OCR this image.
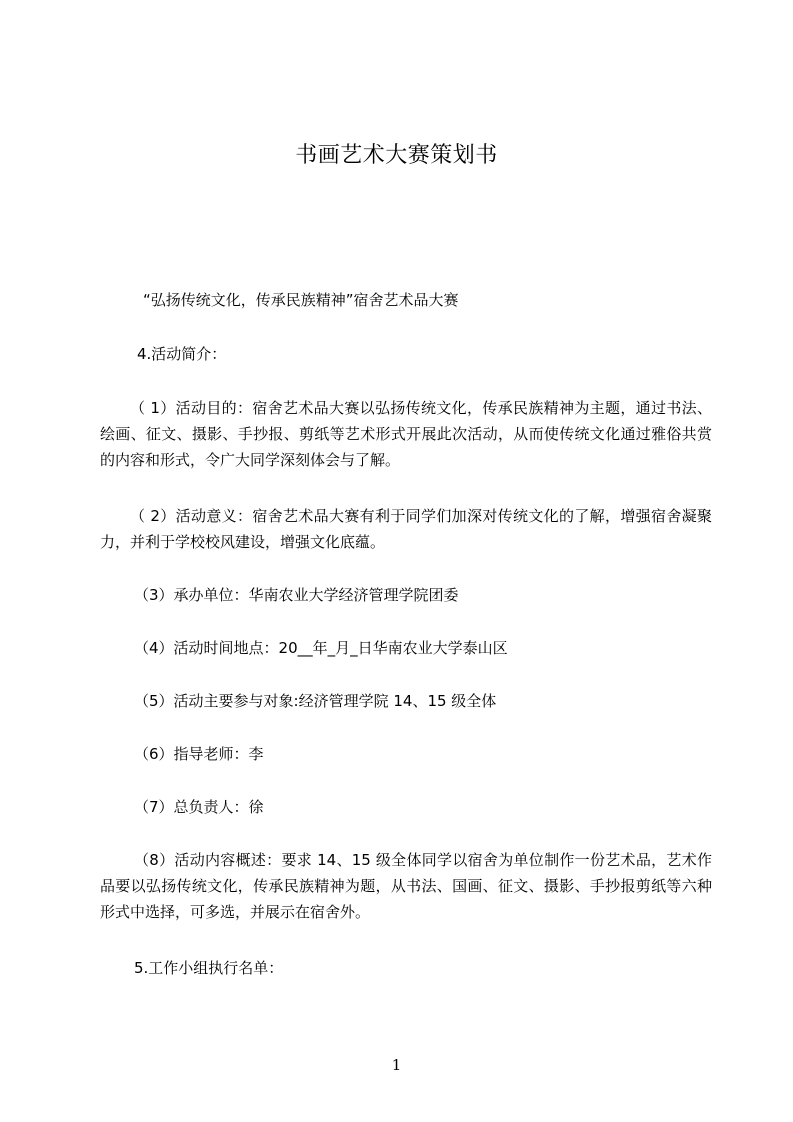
书画艺术大赛策划书
“弘扬传统文化，传承民族精神”宿舍艺术品大赛
4.活动简介：
（ 1）活动目的：宿舍艺术品大赛以弘扬传统文化，传承民族精神为主题，通过书法、绘画、征文、摄影、手抄报、剪纸等艺术形式开展此次活动，从而使传统文化通过雅俗共赏的内容和形式，令广大同学深刻体会与了解。
（ 2）活动意义：宿舍艺术品大赛有利于同学们加深对传统文化的了解，增强宿舍凝聚力，并利于学校校风建设，增强文化底蕴。
（3）承办单位：华南农业大学经济管理学院团委
（4）活动时间地点：20__年_月_日华南农业大学泰山区
（5）活动主要参与对象:经济管理学院 14、15 级全体
（6）指导老师：李
（7）总负责人：徐
（8）活动内容概述：要求 14、15 级全体同学以宿舍为单位制作一份艺术品，艺术作品要以弘扬传统文化，传承民族精神为题，从书法、国画、征文、摄影、手抄报剪纸等六种形式中选择，可多选，并展示在宿舍外。
5.工作小组执行名单：
1
